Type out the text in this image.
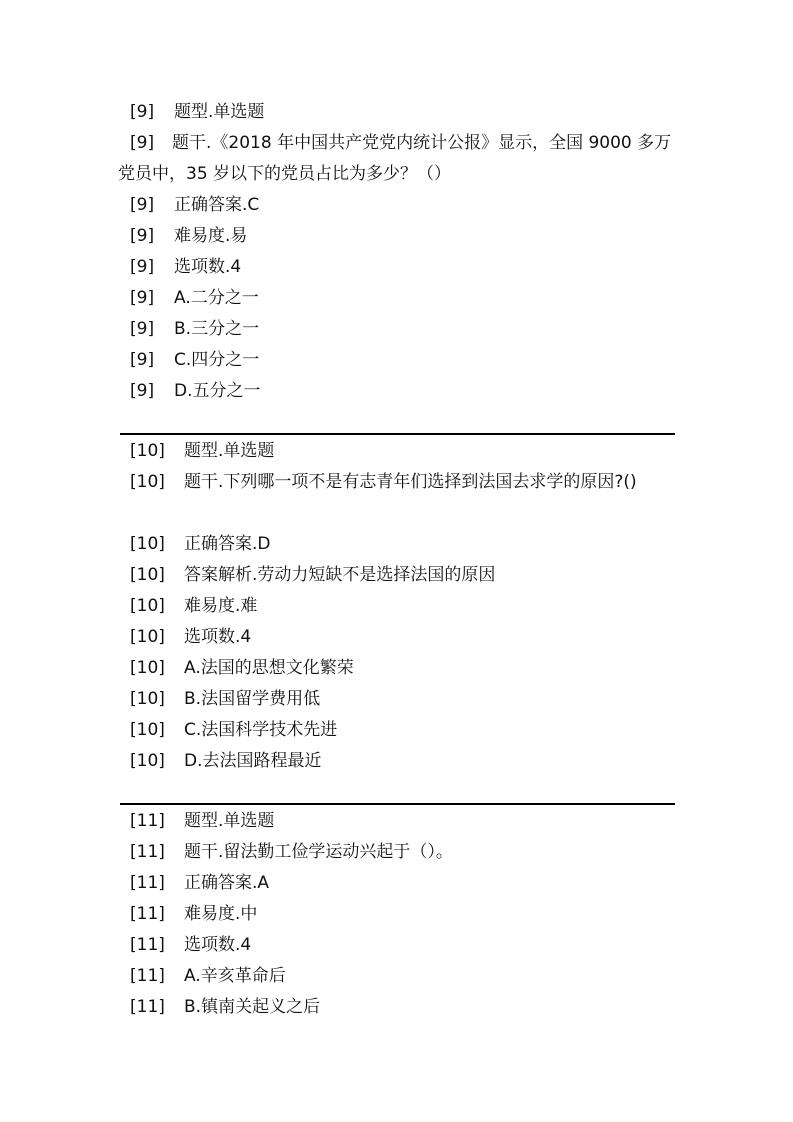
[9] 题型.单选题
[9]	题干.《2018 年中国共产党党内统计公报》显示，全国 9000 多万党员中，35 岁以下的党员占比为多少？（）
[9] 正确答案.C
[9] 难易度.易
[9] 选项数.4
[9] A.二分之一
[9] B.三分之一
[9] C.四分之一
[9] D.五分之一
[10] 题型.单选题
[10]	题干.下列哪一项不是有志青年们选择到法国去求学的原因?()
[10] 正确答案.D
[10] 答案解析.劳动力短缺不是选择法国的原因
[10] 难易度.难
[10] 选项数.4
[10] A.法国的思想文化繁荣
[10] B.法国留学费用低
[10] C.法国科学技术先进
[10] D.去法国路程最近
[11] 题型.单选题
[11] 题干.留法勤工俭学运动兴起于（）。
[11] 正确答案.A
[11] 难易度.中
[11] 选项数.4
[11] A.辛亥革命后
[11] B.镇南关起义之后
